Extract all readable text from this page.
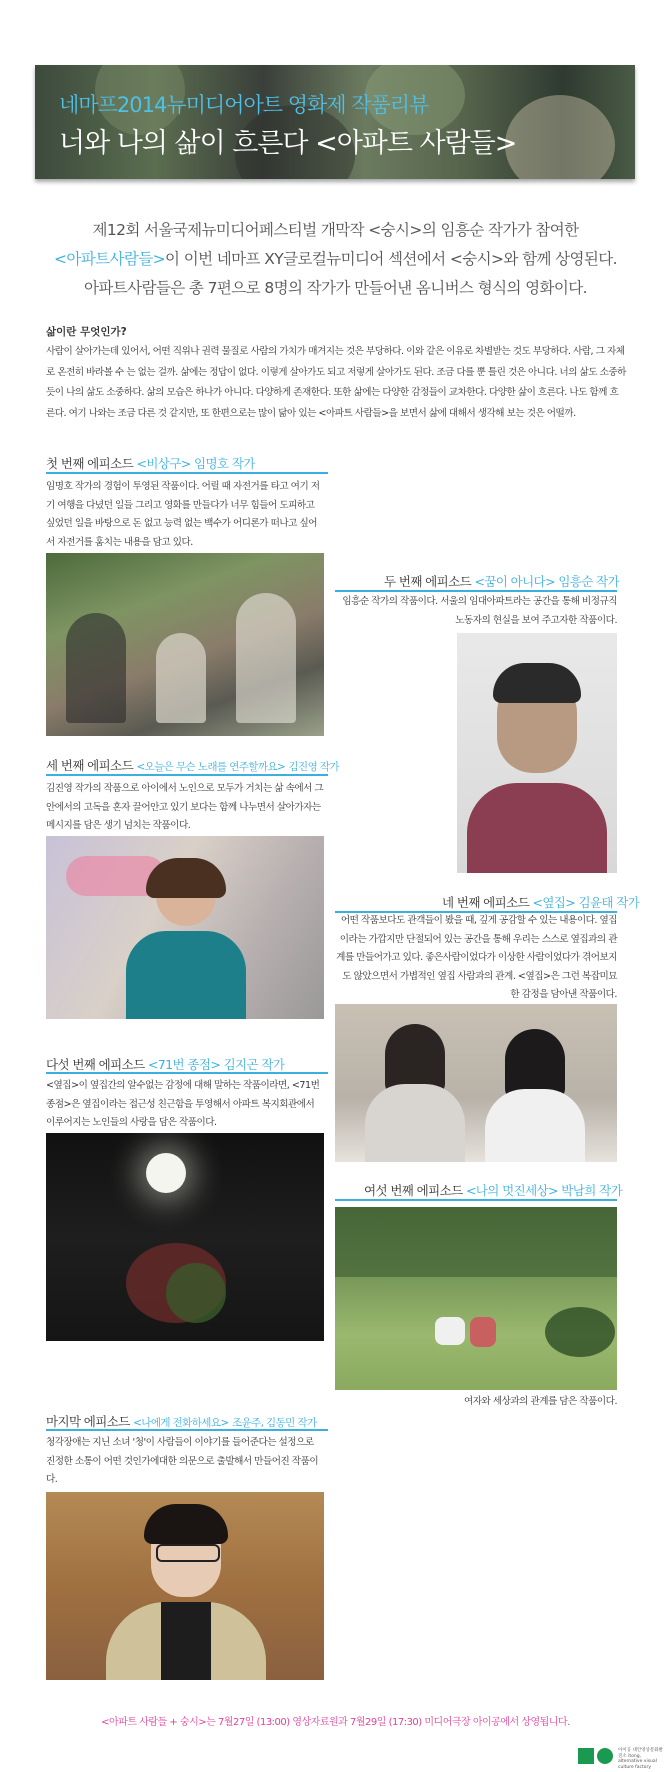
네마프2014뉴미디어아트 영화제 작품리뷰
너와 나의 삶이 흐른다 <아파트 사람들>
제12회 서울국제뉴미디어페스티벌 개막작 <숭시>의 임흥순 작가가 참여한
<아파트사람들>이 이번 네마프 XY글로컬뉴미디어 섹션에서 <숭시>와 함께 상영된다.
아파트사람들은 총 7편으로 8명의 작가가 만들어낸 옴니버스 형식의 영화이다.
삶이란 무엇인가?
사람이 살아가는데 있어서, 어떤 직위나 권력 물질로 사람의 가치가 매겨지는 것은 부당하다. 이와 같은 이유로 차별받는 것도 부당하다. 사람, 그 자체로 온전히 바라볼 수 는 없는 걸까. 삶에는 정답이 없다. 이렇게 살아가도 되고 저렇게 살아가도 된다. 조금 다를 뿐 틀린 것은 아니다. 너의 삶도 소중하듯이 나의 삶도 소중하다. 삶의 모습은 하나가 아니다. 다양하게 존재한다. 또한 삶에는 다양한 감정들이 교차한다. 다양한 삶이 흐른다. 나도 함께 흐른다. 여기 나와는 조금 다른 것 같지만, 또 한편으로는 많이 닮아 있는 <아파트 사람들>을 보면서 삶에 대해서 생각해 보는 것은 어떨까.
첫 번째 에피소드 <비상구> 임명호 작가
임명호 작가의 경험이 투영된 작품이다. 어릴 때 자전거를 타고 여기 저기 여행을 다녔던 일들 그리고 영화를 만들다가 너무 힘들어 도피하고 싶었던 일을 바탕으로 돈 없고 능력 없는 백수가 어디론가 떠나고 싶어서 자전거를 훔치는 내용을 담고 있다.
두 번째 에피소드 <꿈이 아니다> 임흥순 작가
임흥순 작가의 작품이다. 서울의 임대아파트라는 공간을 통해 비정규직 노동자의 현실을 보여 주고자한 작품이다.
세 번째 에피소드 <오늘은 무슨 노래를 연주할까요> 김진영 작가
김진영 작가의 작품으로 아이에서 노인으로 모두가 거치는 삶 속에서 그 안에서의 고독을 혼자 끌어안고 있기 보다는 함께 나누면서 살아가자는 메시지를 담은 생기 넘치는 작품이다.
네 번째 에피소드 <옆집> 김윤태 작가
어떤 작품보다도 관객들이 봤을 때, 깊게 공감할 수 있는 내용이다. 옆집 이라는 가깝지만 단절되어 있는 공간을 통해 우리는 스스로 옆집과의 관계를 만들어가고 있다. 좋은사람이었다가 이상한 사람이었다가 겪어보지도 않았으면서 가볍적인 옆집 사람과의 관계. <옆집>은 그런 복잡미묘한 감정을 담아낸 작품이다.
다섯 번째 에피소드 <71번 종점> 김지곤 작가
<옆집>이 옆집간의 알수없는 감정에 대해 말하는 작품이라면, <71번 종점>은 옆집이라는 접근성 친근함을 투영해서 아파트 복지회관에서 이루어지는 노인들의 사랑을 담은 작품이다.
여섯 번째 에피소드 <나의 멋진세상> 박남희 작가
여자와 세상과의 관계를 담은 작품이다.
마지막 에피소드 <나에게 전화하세요> 조윤주, 김동민 작가
청각장애는 지닌 소녀 '청'이 사람들이 이야기를 들어준다는 설정으로 진정한 소통이 어떤 것인가에대한 의문으로 출발해서 만들어진 작품이다.
<아파트 사람들 + 숭시>는 7월27일 (13:00) 영상자료원과 7월29일 (17:30) 미디어극장 아이공에서 상영됩니다.
아이공 대안영상문화발전소 itong, alternative visual culture factory
